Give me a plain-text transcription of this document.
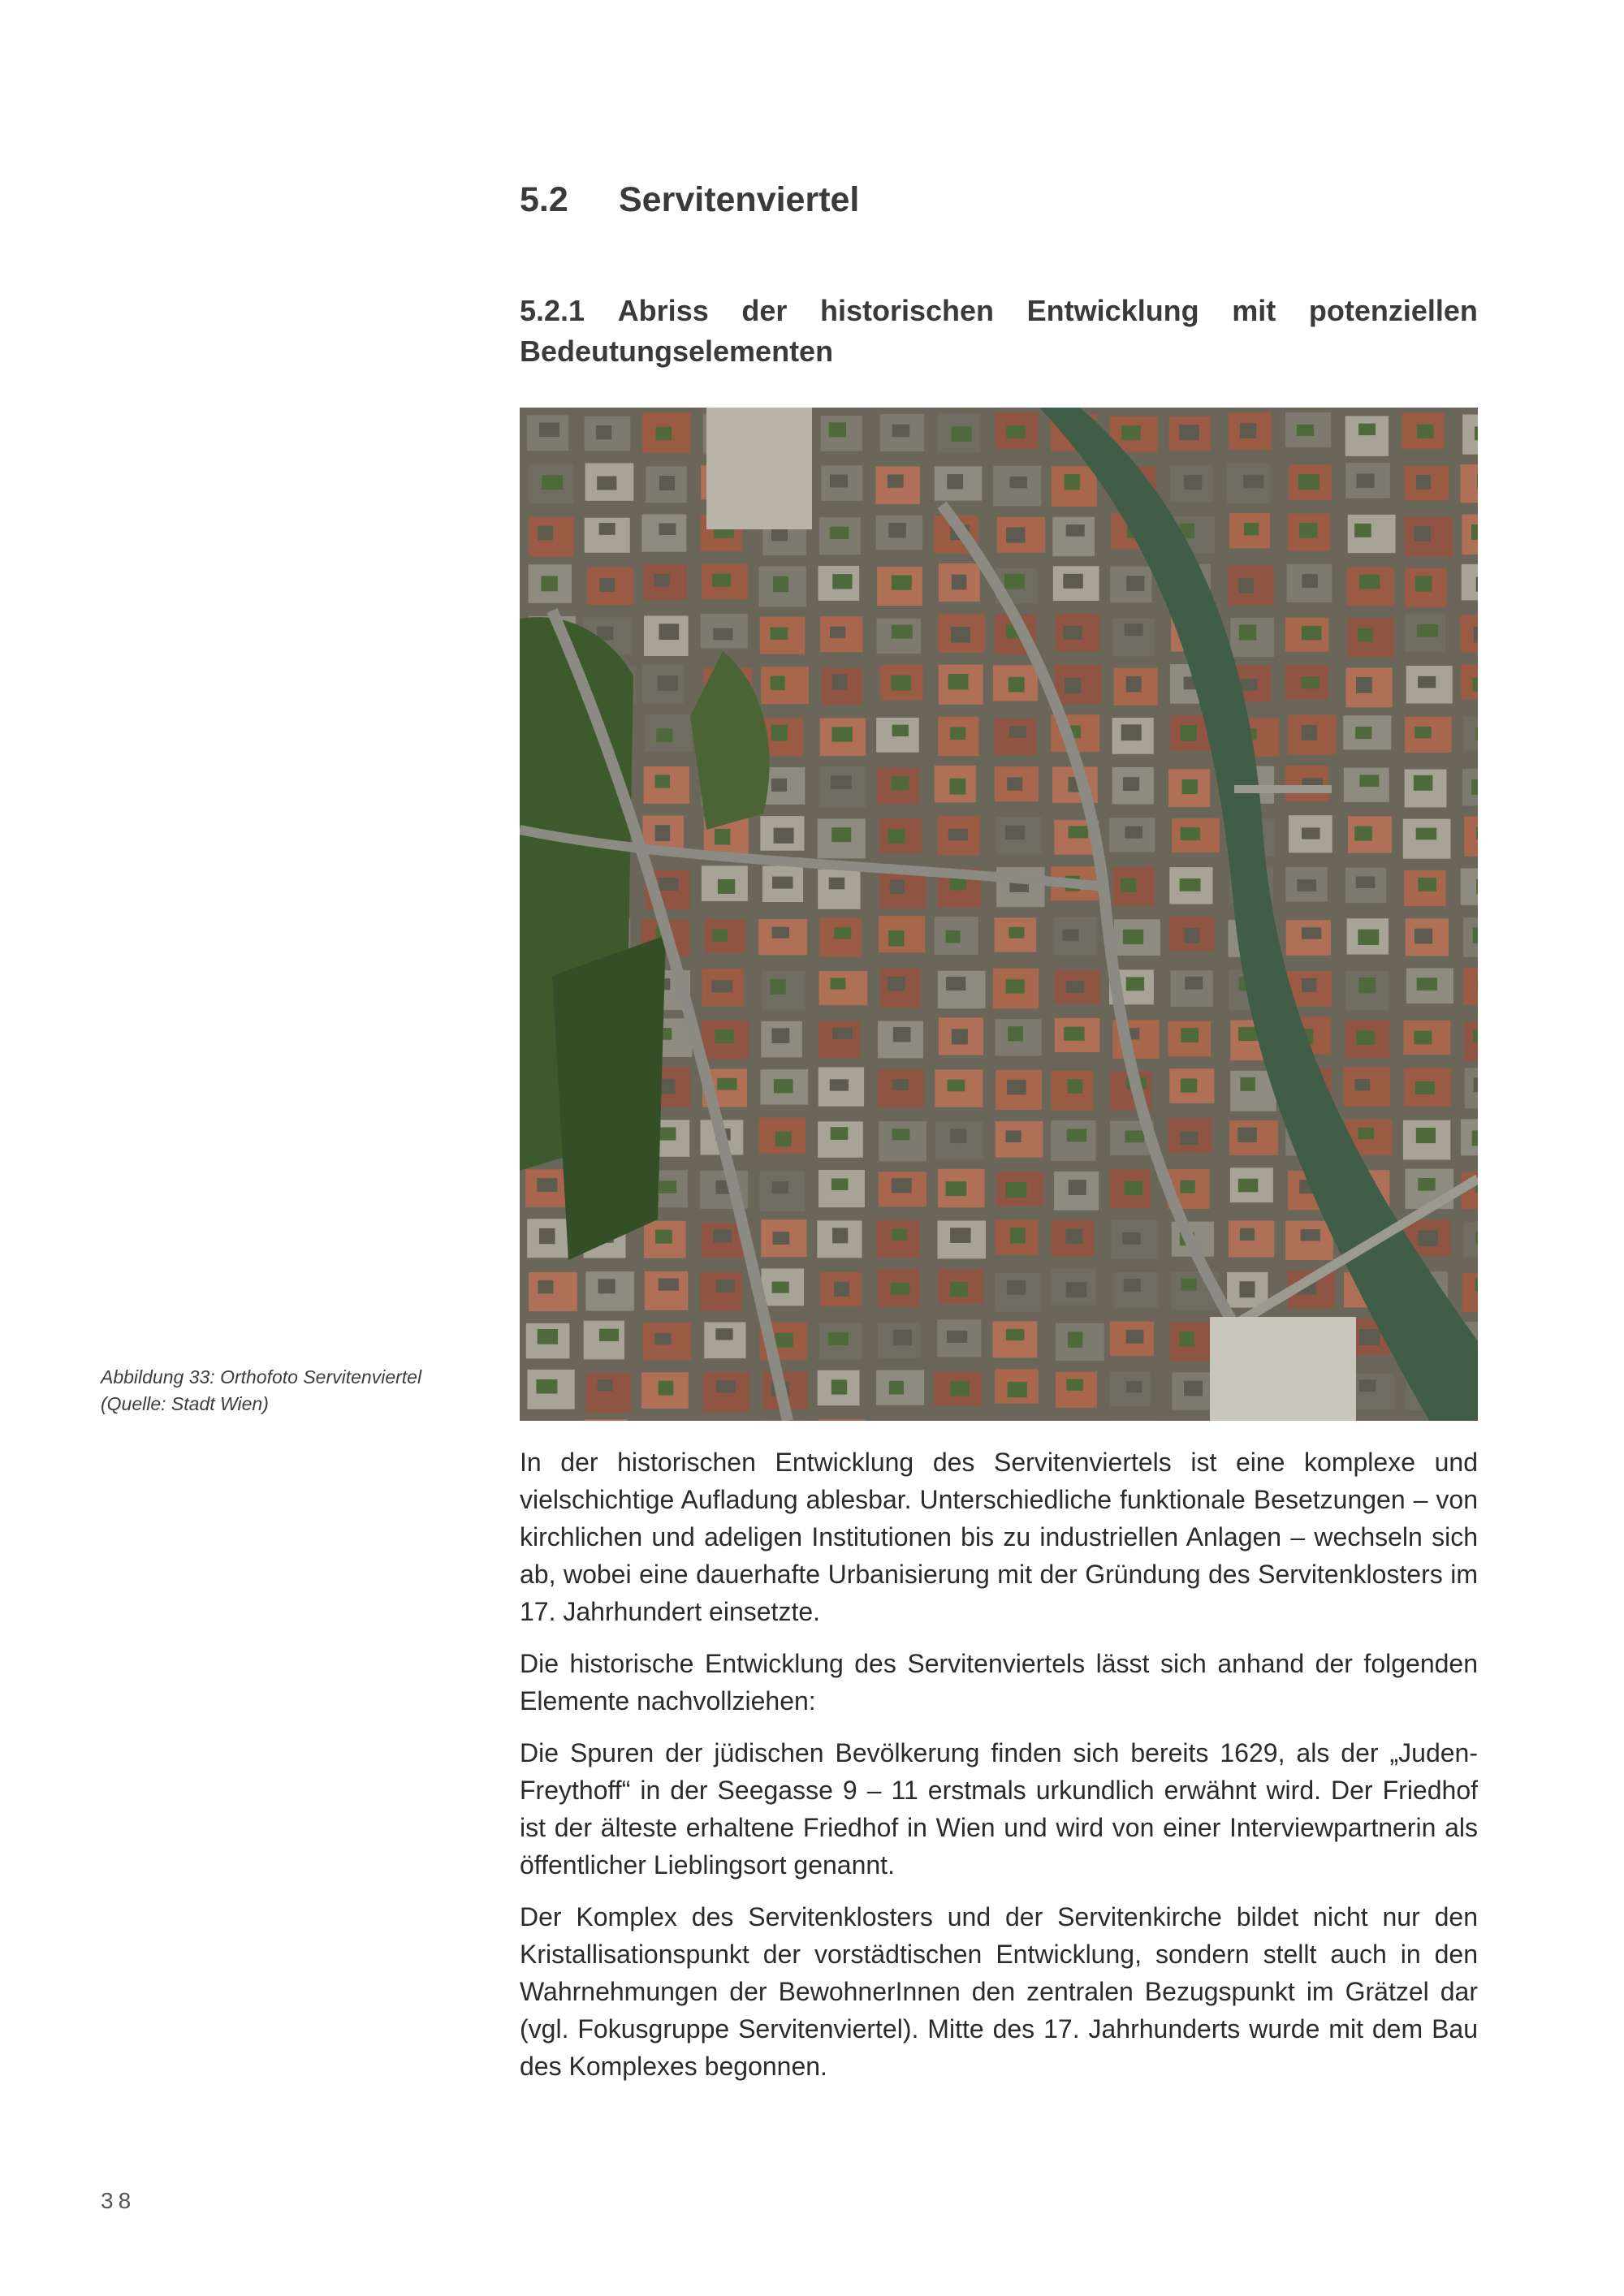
5.2 Servitenviertel
5.2.1 Abriss der historischen Entwicklung mit potenziellen
Bedeutungselementen
Abbildung 33: Orthofoto Servitenviertel
(Quelle: Stadt Wien)

In der historischen Entwicklung des Servitenviertels ist eine komplexe und vielschichtige Aufladung ablesbar. Unterschiedliche funktionale Besetzungen – von kirchlichen und adeligen Institutionen bis zu industriellen Anlagen – wechseln sich ab, wobei eine dauerhafte Urbanisierung mit der Gründung des Servitenklosters im 17. Jahrhundert einsetzte.

Die historische Entwicklung des Servitenviertels lässt sich anhand der folgenden Elemente nachvollziehen:

Die Spuren der jüdischen Bevölkerung finden sich bereits 1629, als der „Juden-Freythoff“ in der Seegasse 9 – 11 erstmals urkundlich erwähnt wird. Der Friedhof ist der älteste erhaltene Friedhof in Wien und wird von einer Interviewpartnerin als öffentlicher Lieblingsort genannt.

Der Komplex des Servitenklosters und der Servitenkirche bildet nicht nur den Kristallisationspunkt der vorstädtischen Entwicklung, sondern stellt auch in den Wahrnehmungen der BewohnerInnen den zentralen Bezugspunkt im Grätzel dar (vgl. Fokusgruppe Servitenviertel). Mitte des 17. Jahrhunderts wurde mit dem Bau des Komplexes begonnen.

38
